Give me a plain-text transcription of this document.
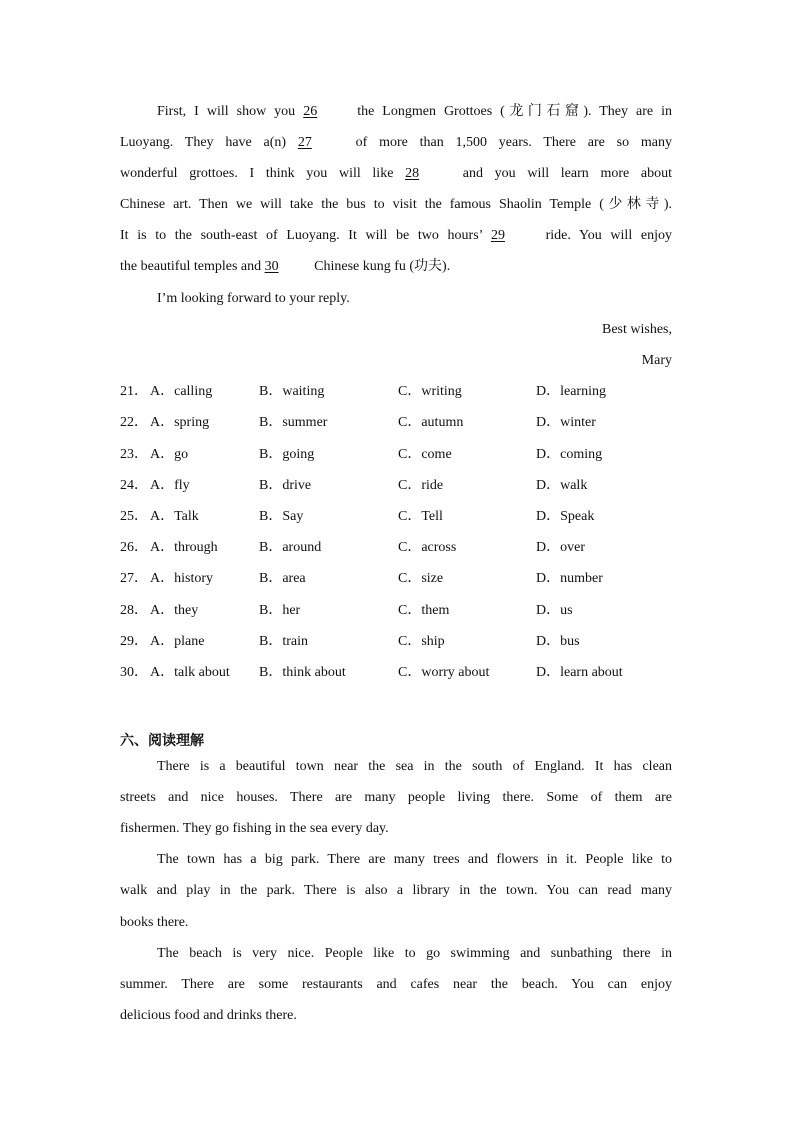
First, I will show you 26 the Longmen Grottoes (龙门石窟). They are in
Luoyang. They have a(n) 27 of more than 1,500 years. There are so many
wonderful grottoes. I think you will like 28 and you will learn more about
Chinese art. Then we will take the bus to visit the famous Shaolin Temple (少林寺).
It is to the south-east of Luoyang. It will be two hours’ 29 ride. You will enjoy
the beautiful temples and 30 Chinese kung fu (功夫).
I’m looking forward to your reply.
Best wishes,
Mary
21． A．calling	B．waiting	C．writing	D．learning
22． A．spring	B．summer	C．autumn	D．winter
23． A．go	B．going	C．come	D．coming
24． A．fly	B．drive	C．ride	D．walk
25． A．Talk	B．Say	C．Tell	D．Speak
26． A．through	B．around	C．across	D．over
27． A．history	B．area	C．size	D．number
28． A．they	B．her	C．them	D．us
29． A．plane	B．train	C．ship	D．bus
30． A．talk about B．think about	C．worry about	D．learn about
六、阅读理解
There is a beautiful town near the sea in the south of England. It has clean
streets and nice houses. There are many people living there. Some of them are
fishermen. They go fishing in the sea every day.
The town has a big park. There are many trees and flowers in it. People like to
walk and play in the park. There is also a library in the town. You can read many
books there.
The beach is very nice. People like to go swimming and sunbathing there in
summer. There are some restaurants and cafes near the beach. You can enjoy
delicious food and drinks there.
